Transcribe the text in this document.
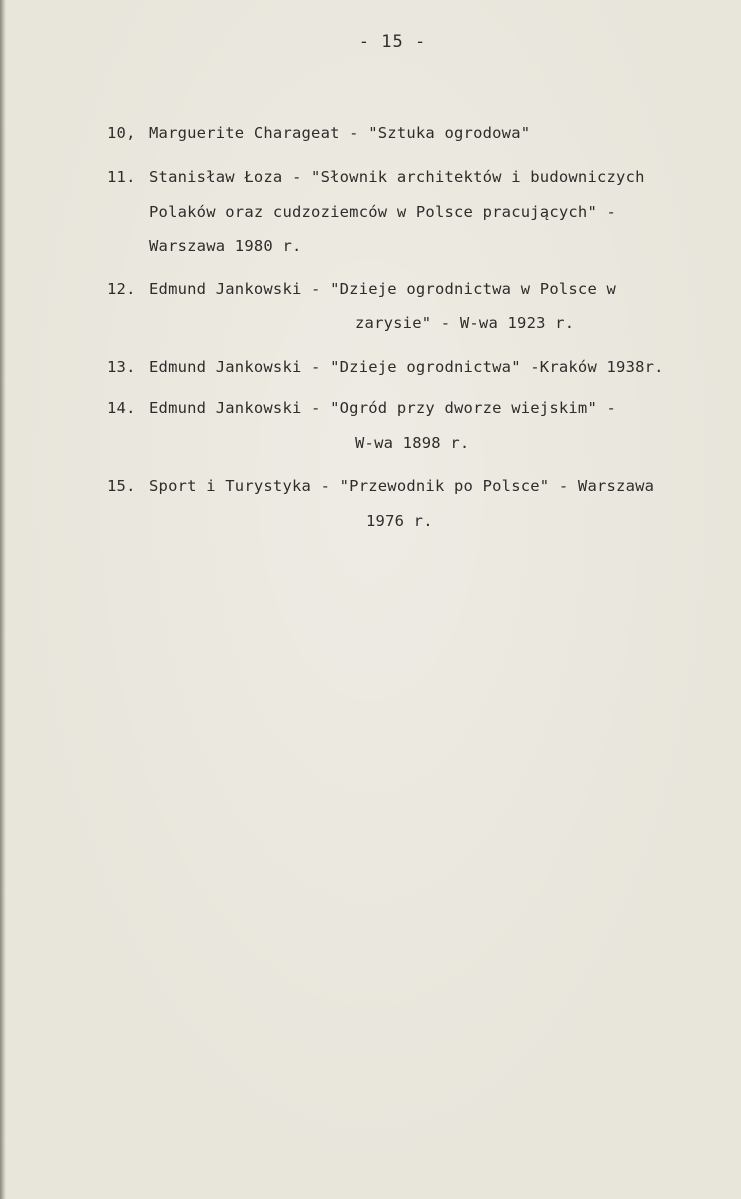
- 15 -
10, Marguerite Charageat - "Sztuka ogrodowa"
11. Stanisław Łoza - "Słownik architektów i budowniczych
Polaków oraz cudzoziemców w Polsce pracujących" -
Warszawa 1980 r.
12. Edmund Jankowski - "Dzieje ogrodnictwa w Polsce w
zarysie" - W-wa 1923 r.
13. Edmund Jankowski - "Dzieje ogrodnictwa" -Kraków 1938r.
14. Edmund Jankowski - "Ogród przy dworze wiejskim" -
W-wa 1898 r.
15. Sport i Turystyka - "Przewodnik po Polsce" - Warszawa
1976 r.
